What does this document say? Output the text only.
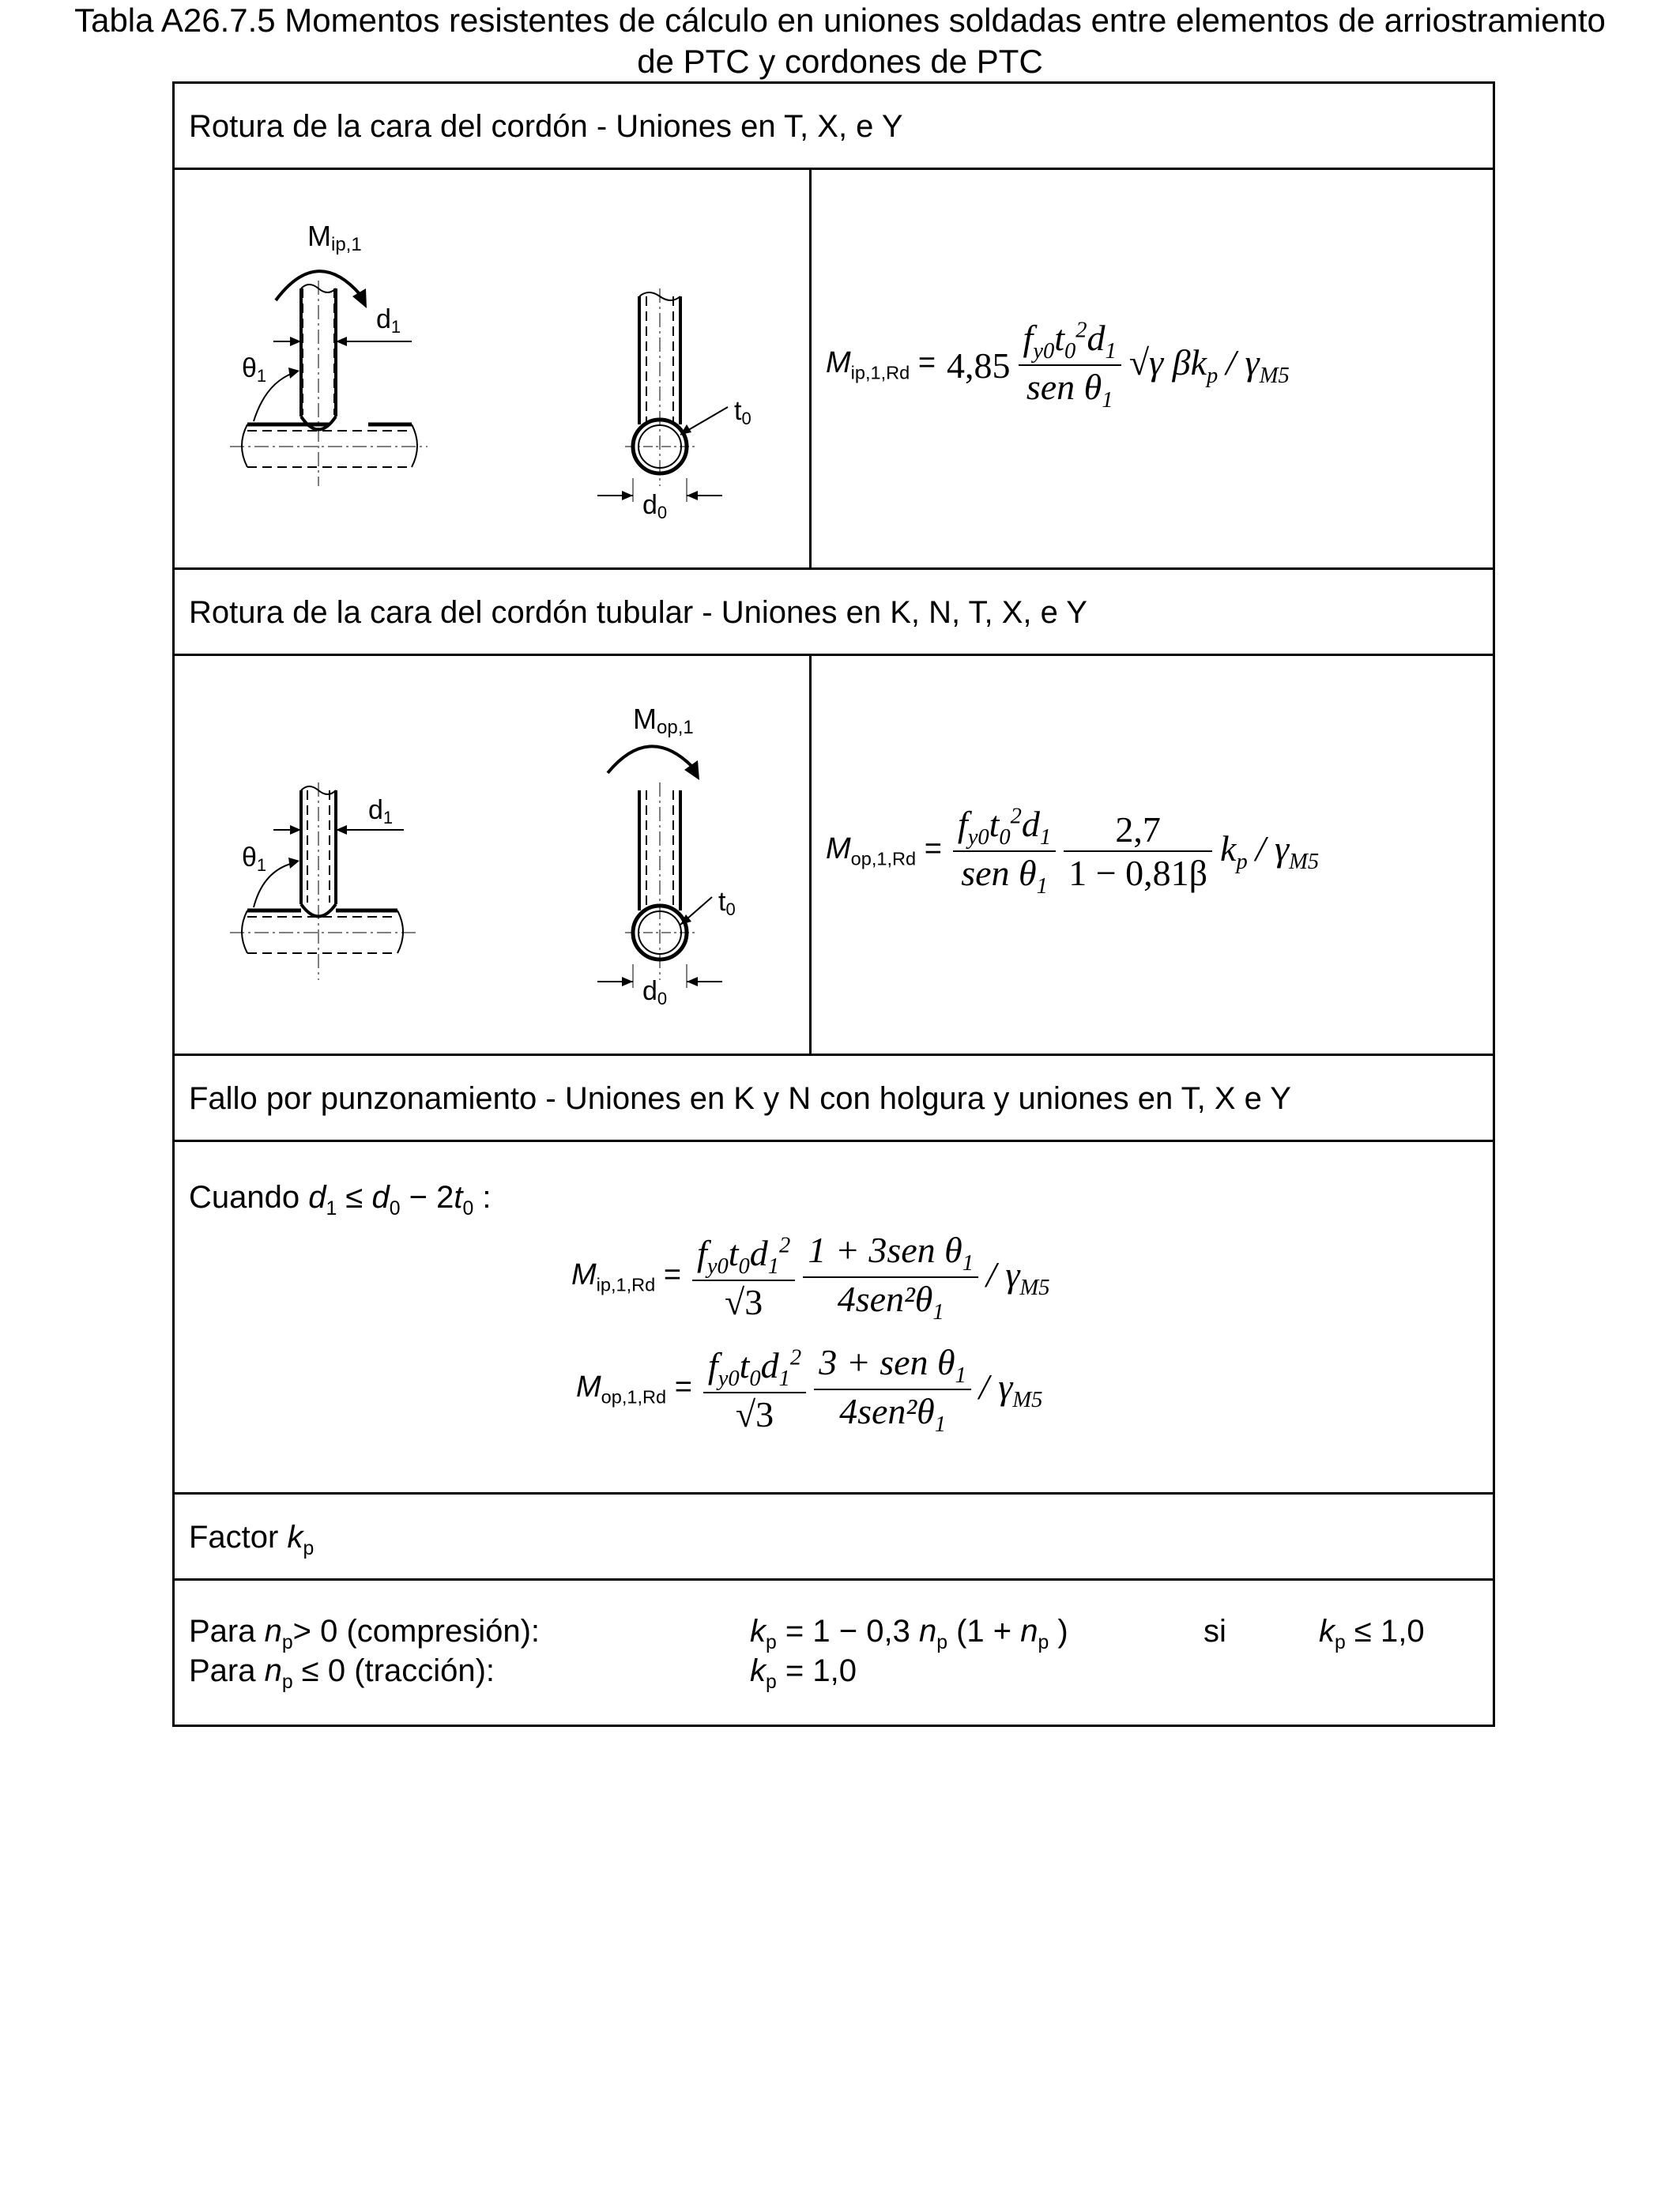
Tabla A26.7.5 Momentos resistentes de cálculo en uniones soldadas entre elementos de arriostramiento
de PTC y cordones de PTC
Rotura de la cara del cordón - Uniones en T, X, e Y
Mip,1
d1
θ1
t0
d0
$M_{ip,1,Rd} = 4,85 \frac{f_{y0}t_0^2d_1}{sen \theta_1} √\gamma$ $\beta k_p / \gamma_{M5}$
Rotura de la cara del cordón tubular - Uniones en K, N, T, X, e Y
d1
θ1
Mop,1
t0
d0
$M_{op,1,Rd} = \frac{f_{y0}t_0^2d_1}{sen \theta_1} \frac{2,7}{1 - 0,81\beta} k_p / \gamma_{M5}$
Fallo por punzonamiento - Uniones en K y N con holgura y uniones en T, X e Y
Cuando $d_1 \le d_0 - 2t_0$ :
$M_{ip,1,Rd} = \frac{f_{y0}t_0d_1^2}{√3} \frac{1 + 3sen \theta_1}{4sen^2\theta_1} / \gamma_{M5}$
$M_{op,1,Rd} = \frac{f_{y0}t_0d_1^2}{√3} \frac{3 + sen \theta_1}{4sen^2\theta_1} / \gamma_{M5}$
Factor $k_p$
Para $n_p> 0$ (compresión):	$k_p = 1 - 0,3$ $n_p$ ($1 + n_p$ )	si	$k_p \le 1,0$
Para $n_p \le 0$ (tracción):	$k_p = 1,0$
